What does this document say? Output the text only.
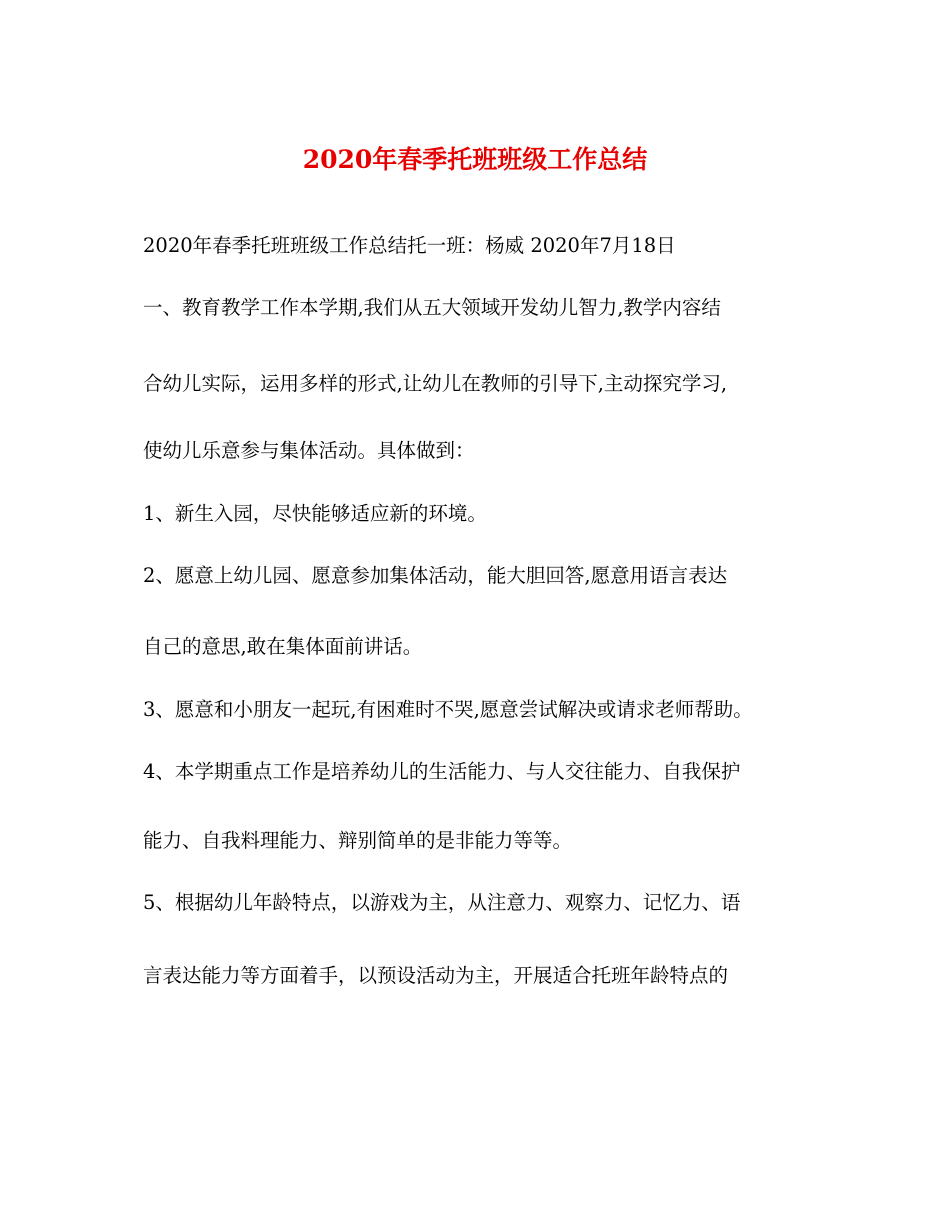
2020年春季托班班级工作总结
2020年春季托班班级工作总结托一班：杨威 2020年7月18日
一、教育教学工作本学期,我们从五大领域开发幼儿智力,教学内容结
合幼儿实际，运用多样的形式,让幼儿在教师的引导下,主动探究学习,
使幼儿乐意参与集体活动。具体做到：
1、新生入园，尽快能够适应新的环境。
2、愿意上幼儿园、愿意参加集体活动，能大胆回答,愿意用语言表达
自己的意思,敢在集体面前讲话。
3、愿意和小朋友一起玩,有困难时不哭,愿意尝试解决或请求老师帮助。
4、本学期重点工作是培养幼儿的生活能力、与人交往能力、自我保护
能力、自我料理能力、辩别简单的是非能力等等。
5、根据幼儿年龄特点，以游戏为主，从注意力、观察力、记忆力、语
言表达能力等方面着手，以预设活动为主，开展适合托班年龄特点的
